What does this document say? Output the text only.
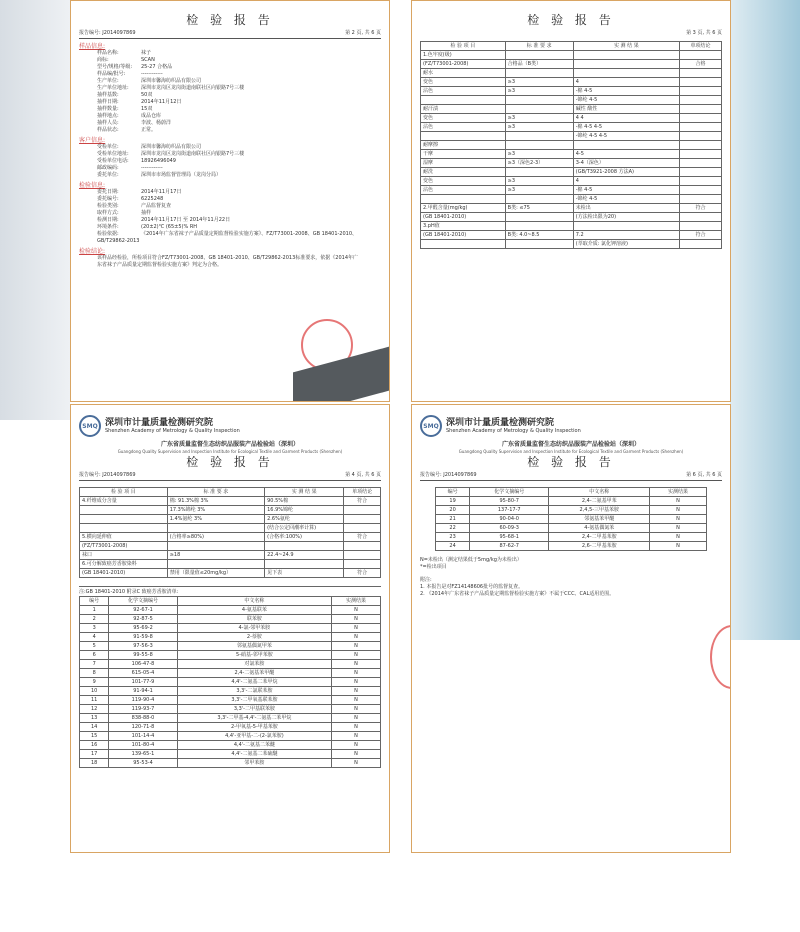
检 验 报 告
报告编号: J2014097869	第 2 页, 共 6 页
样品信息:
样品名称:	袜子
商标:	SCAN
型号/规格/等级: 25-27 合格品
样品编/批号:	------------
生产单位:	深圳市馨海纺织品有限公司
生产单位地址: 深圳市龙岗区龙岗街道南联社区向银路7号三楼
抽样基数:	50双
抽样日期:	2014年11月12日
抽样数量:	15双
抽样地点:	成品仓库
抽样人员:	李波、杨蔚洋
样品状态:	正常。
客户信息:
受检单位:	深圳市馨海纺织品有限公司
受检单位地址: 深圳市龙岗区龙岗街道南联社区向银路7号三楼
受检单位电话: 18926496049
邮政编码:	------------
委托单位:	深圳市市场监督管理局（龙岗分局）
检验信息:
委托日期:	2014年11月17日
委托编号:	6225248
检验类别:	产品监督复查
取样方式:	抽样
检测日期:	2014年11月17日 至 2014年11月22日
环境条件:	(20±2)℃ (65±5)% RH
检验依据:	《2014年广东省袜子产品质量定期监督检验实施方案》、FZ/T73001-2008、GB 18401-2010、GB/T29862-2013
检验结论:
该样品经检验，所检项目符合FZ/T73001-2008、GB 18401-2010、GB/T29862-2013标准要求，依据《2014年广东省袜子产品质量定期监督检验实施方案》判定为合格。
检 验 报 告
第 3 页, 共 6 页
检 验 项 目	标 准 要 求	实 测 结 果	单项结论
1.色牢度(级)			
(FZ/T73001-2008)	合格品（B类）		合格
耐水			
变色	≥3	4	
沾色	≥3	-棉 4-5	
		-锦纶 4-5	
耐汗渍		碱性 酸性	
变色	≥3	4 4	
沾色	≥3	-棉 4-5 4-5	
		-锦纶 4-5 4-5	
耐摩擦			
干摩	≥3	4-5	
湿摩	≥3（深色2-3）	3-4（深色）	
耐洗		(GB/T3921-2008 方法A)	
变色	≥3	4	
沾色	≥3	-棉 4-5	
		-锦纶 4-5	
2.甲醛含量(mg/kg)	B类: ≤75	未检出	符合
(GB 18401-2010)		(方法检出限为20)	
3.pH值			
(GB 18401-2010)	B类: 4.0~8.5	7.2	符合
		(萃取介质: 氯化钾溶液)	
SMQ 深圳市计量质量检测研究院
Shenzhen Academy of Metrology & Quality Inspection
广东省质量监督生态纺织品服装产品检验站（深圳）
Guangdong Quality Supervision and Inspection Institute for Ecological Textile and Garment Products (Shenzhen)
检 验 报 告
报告编号: J2014097869	第 4 页, 共 6 页
检 验 项 目	标 准 要 求	实 测 结 果	单项结论
4.纤维成分含量	棉: 91.3%棉 3%	90.5%棉	符合
	17.3%锦纶 3%	16.9%锦纶	
	1.4%氨纶 3%	2.6%氨纶	
		(结合公定回潮率计算)	
5.横向延伸值	(合格率≥80%)	(合格率:100%)	符合
(FZ/T73001-2008)			
袜口	≥18	22.4~24.9	
6.可分解致癌芳香胺染料			
(GB 18401-2010)	禁用（限量值≤20mg/kg）	见下表	符合
注:GB 18401-2010 附录C 致癌芳香胺清单:
编号	化学文摘编号	中文名称	实测结果
1	92-67-1	4-氨基联苯	N
2	92-87-5	联苯胺	N
3	95-69-2	4-氯-邻甲苯胺	N
4	91-59-8	2-萘胺	N
5	97-56-3	邻氨基偶氮甲苯	N
6	99-55-8	5-硝基-邻甲苯胺	N
7	106-47-8	对氯苯胺	N
8	615-05-4	2,4-二氨基苯甲醚	N
9	101-77-9	4,4'-二氨基二苯甲烷	N
10	91-94-1	3,3'-二氯联苯胺	N
11	119-90-4	3,3'-二甲氧基联苯胺	N
12	119-93-7	3,3'-二甲基联苯胺	N
13	838-88-0	3,3'-二甲基-4,4'-二氨基二苯甲烷	N
14	120-71-8	2-甲氧基-5-甲基苯胺	N
15	101-14-4	4,4'-亚甲基-二-(2-氯苯胺)	N
16	101-80-4	4,4'-二氨基二苯醚	N
17	139-65-1	4,4'-二氨基二苯硫醚	N
18	95-53-4	邻甲苯胺	N
SMQ 深圳市计量质量检测研究院
Shenzhen Academy of Metrology & Quality Inspection
广东省质量监督生态纺织品服装产品检验站（深圳）
Guangdong Quality Supervision and Inspection Institute for Ecological Textile and Garment Products (Shenzhen)
检 验 报 告
报告编号: J2014097869	第 6 页, 共 6 页
编号	化学文摘编号	中文名称	实测结果
19	95-80-7	2,4-二氨基甲苯	N
20	137-17-7	2,4,5-三甲基苯胺	N
21	90-04-0	邻氨基苯甲醚	N
22	60-09-3	4-氨基偶氮苯	N
23	95-68-1	2,4-二甲基苯胺	N
24	87-62-7	2,6-二甲基苯胺	N
N=未检出（测定结果低于5mg/kg为未检出）
*=检出项目
附注:
1. 本报告是对FZ14148606批号的监督复查。
2. 《2014年广东省袜子产品质量定期监督检验实施方案》不属于CCC、CAL适用范围。
